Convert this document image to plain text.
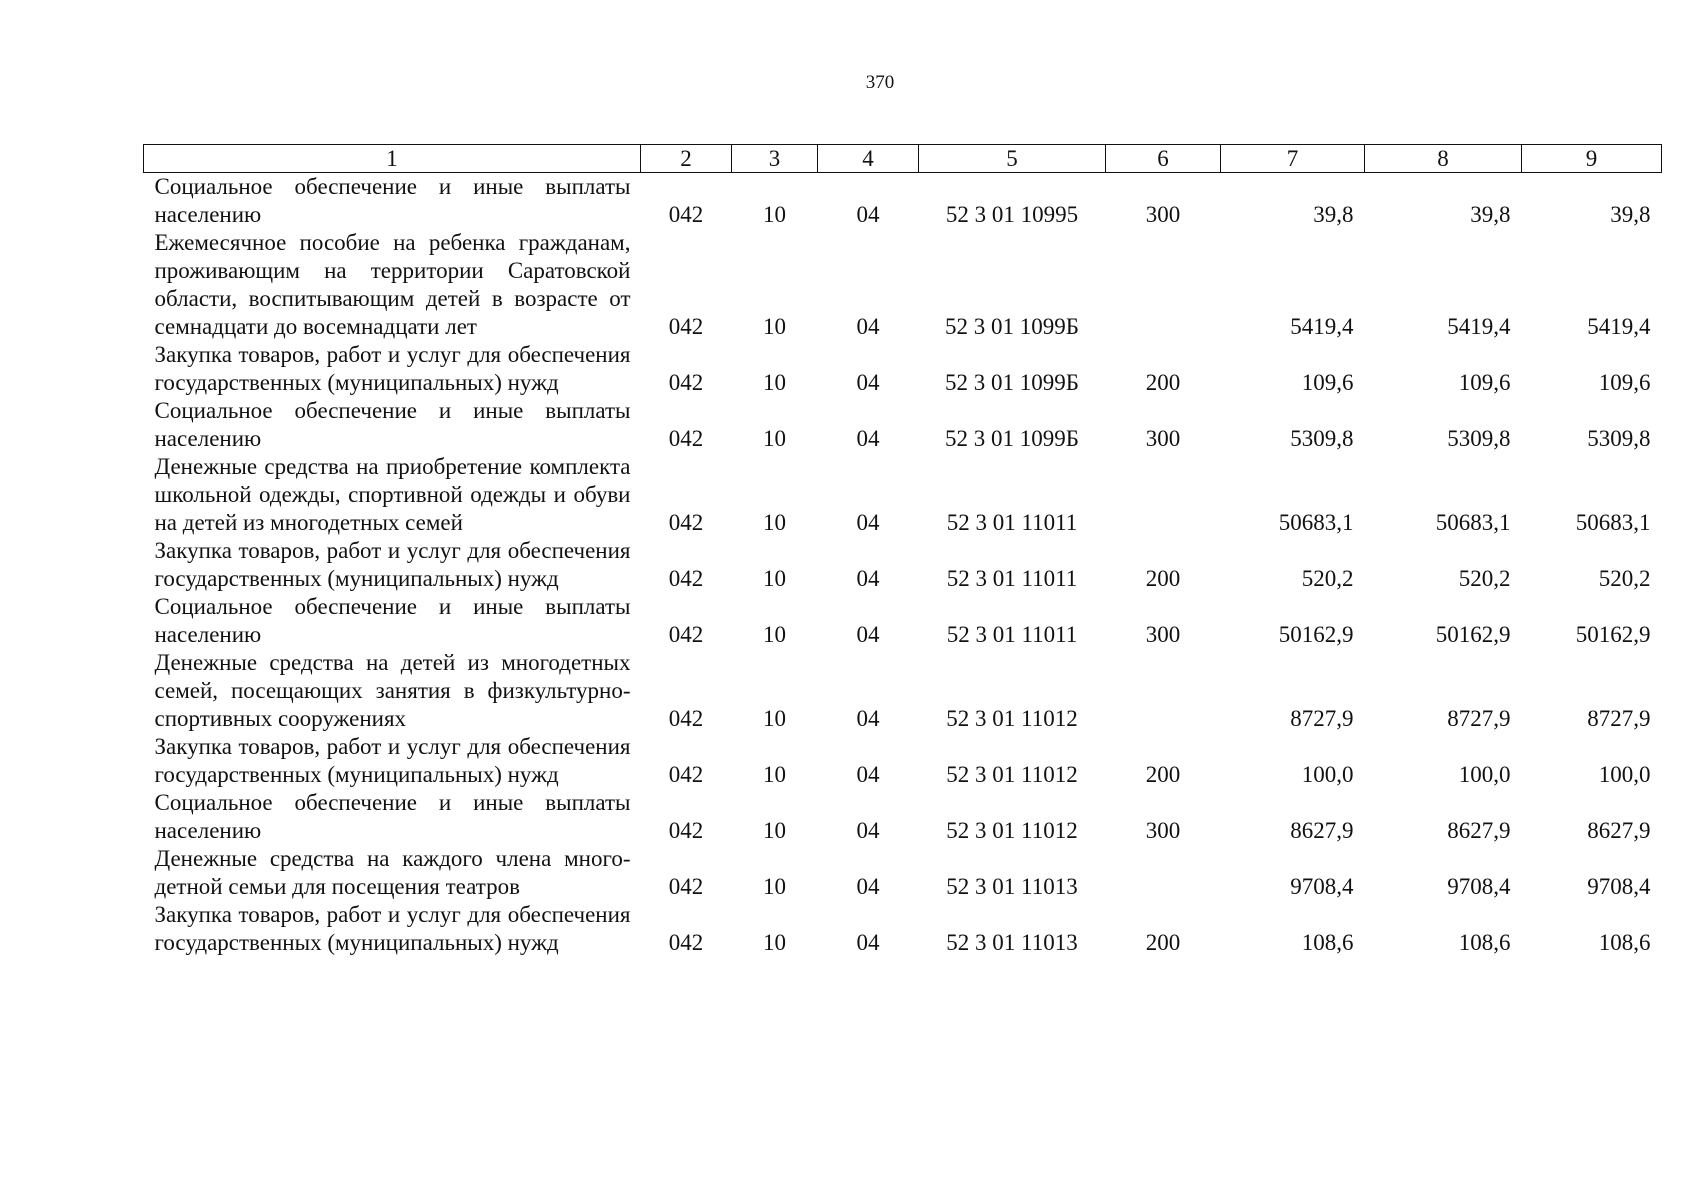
370
1	2	3	4	5	6	7	8	9
Социальное обеспечение и иные выплаты населению	042	10	04	52 3 01 10995	300	39,8	39,8	39,8
Ежемесячное пособие на ребенка гражданам, проживающим на территории Саратовской области, воспитывающим детей в возрасте от семнадцати до восемнадцати лет	042	10	04	52 3 01 1099Б		5419,4	5419,4	5419,4
Закупка товаров, работ и услуг для обеспечения государственных (муниципальных) нужд	042	10	04	52 3 01 1099Б	200	109,6	109,6	109,6
Социальное обеспечение и иные выплаты населению	042	10	04	52 3 01 1099Б	300	5309,8	5309,8	5309,8
Денежные средства на приобретение комплекта школьной одежды, спортивной одежды и обуви на детей из многодетных семей	042	10	04	52 3 01 11011		50683,1	50683,1	50683,1
Закупка товаров, работ и услуг для обеспечения государственных (муниципальных) нужд	042	10	04	52 3 01 11011	200	520,2	520,2	520,2
Социальное обеспечение и иные выплаты населению	042	10	04	52 3 01 11011	300	50162,9	50162,9	50162,9
Денежные средства на детей из многодетных семей, посещающих занятия в физкультурно-спортивных сооружениях	042	10	04	52 3 01 11012		8727,9	8727,9	8727,9
Закупка товаров, работ и услуг для обеспечения государственных (муниципальных) нужд	042	10	04	52 3 01 11012	200	100,0	100,0	100,0
Социальное обеспечение и иные выплаты населению	042	10	04	52 3 01 11012	300	8627,9	8627,9	8627,9
Денежные средства на каждого члена многодетной семьи для посещения театров	042	10	04	52 3 01 11013		9708,4	9708,4	9708,4
Закупка товаров, работ и услуг для обеспечения государственных (муниципальных) нужд	042	10	04	52 3 01 11013	200	108,6	108,6	108,6
